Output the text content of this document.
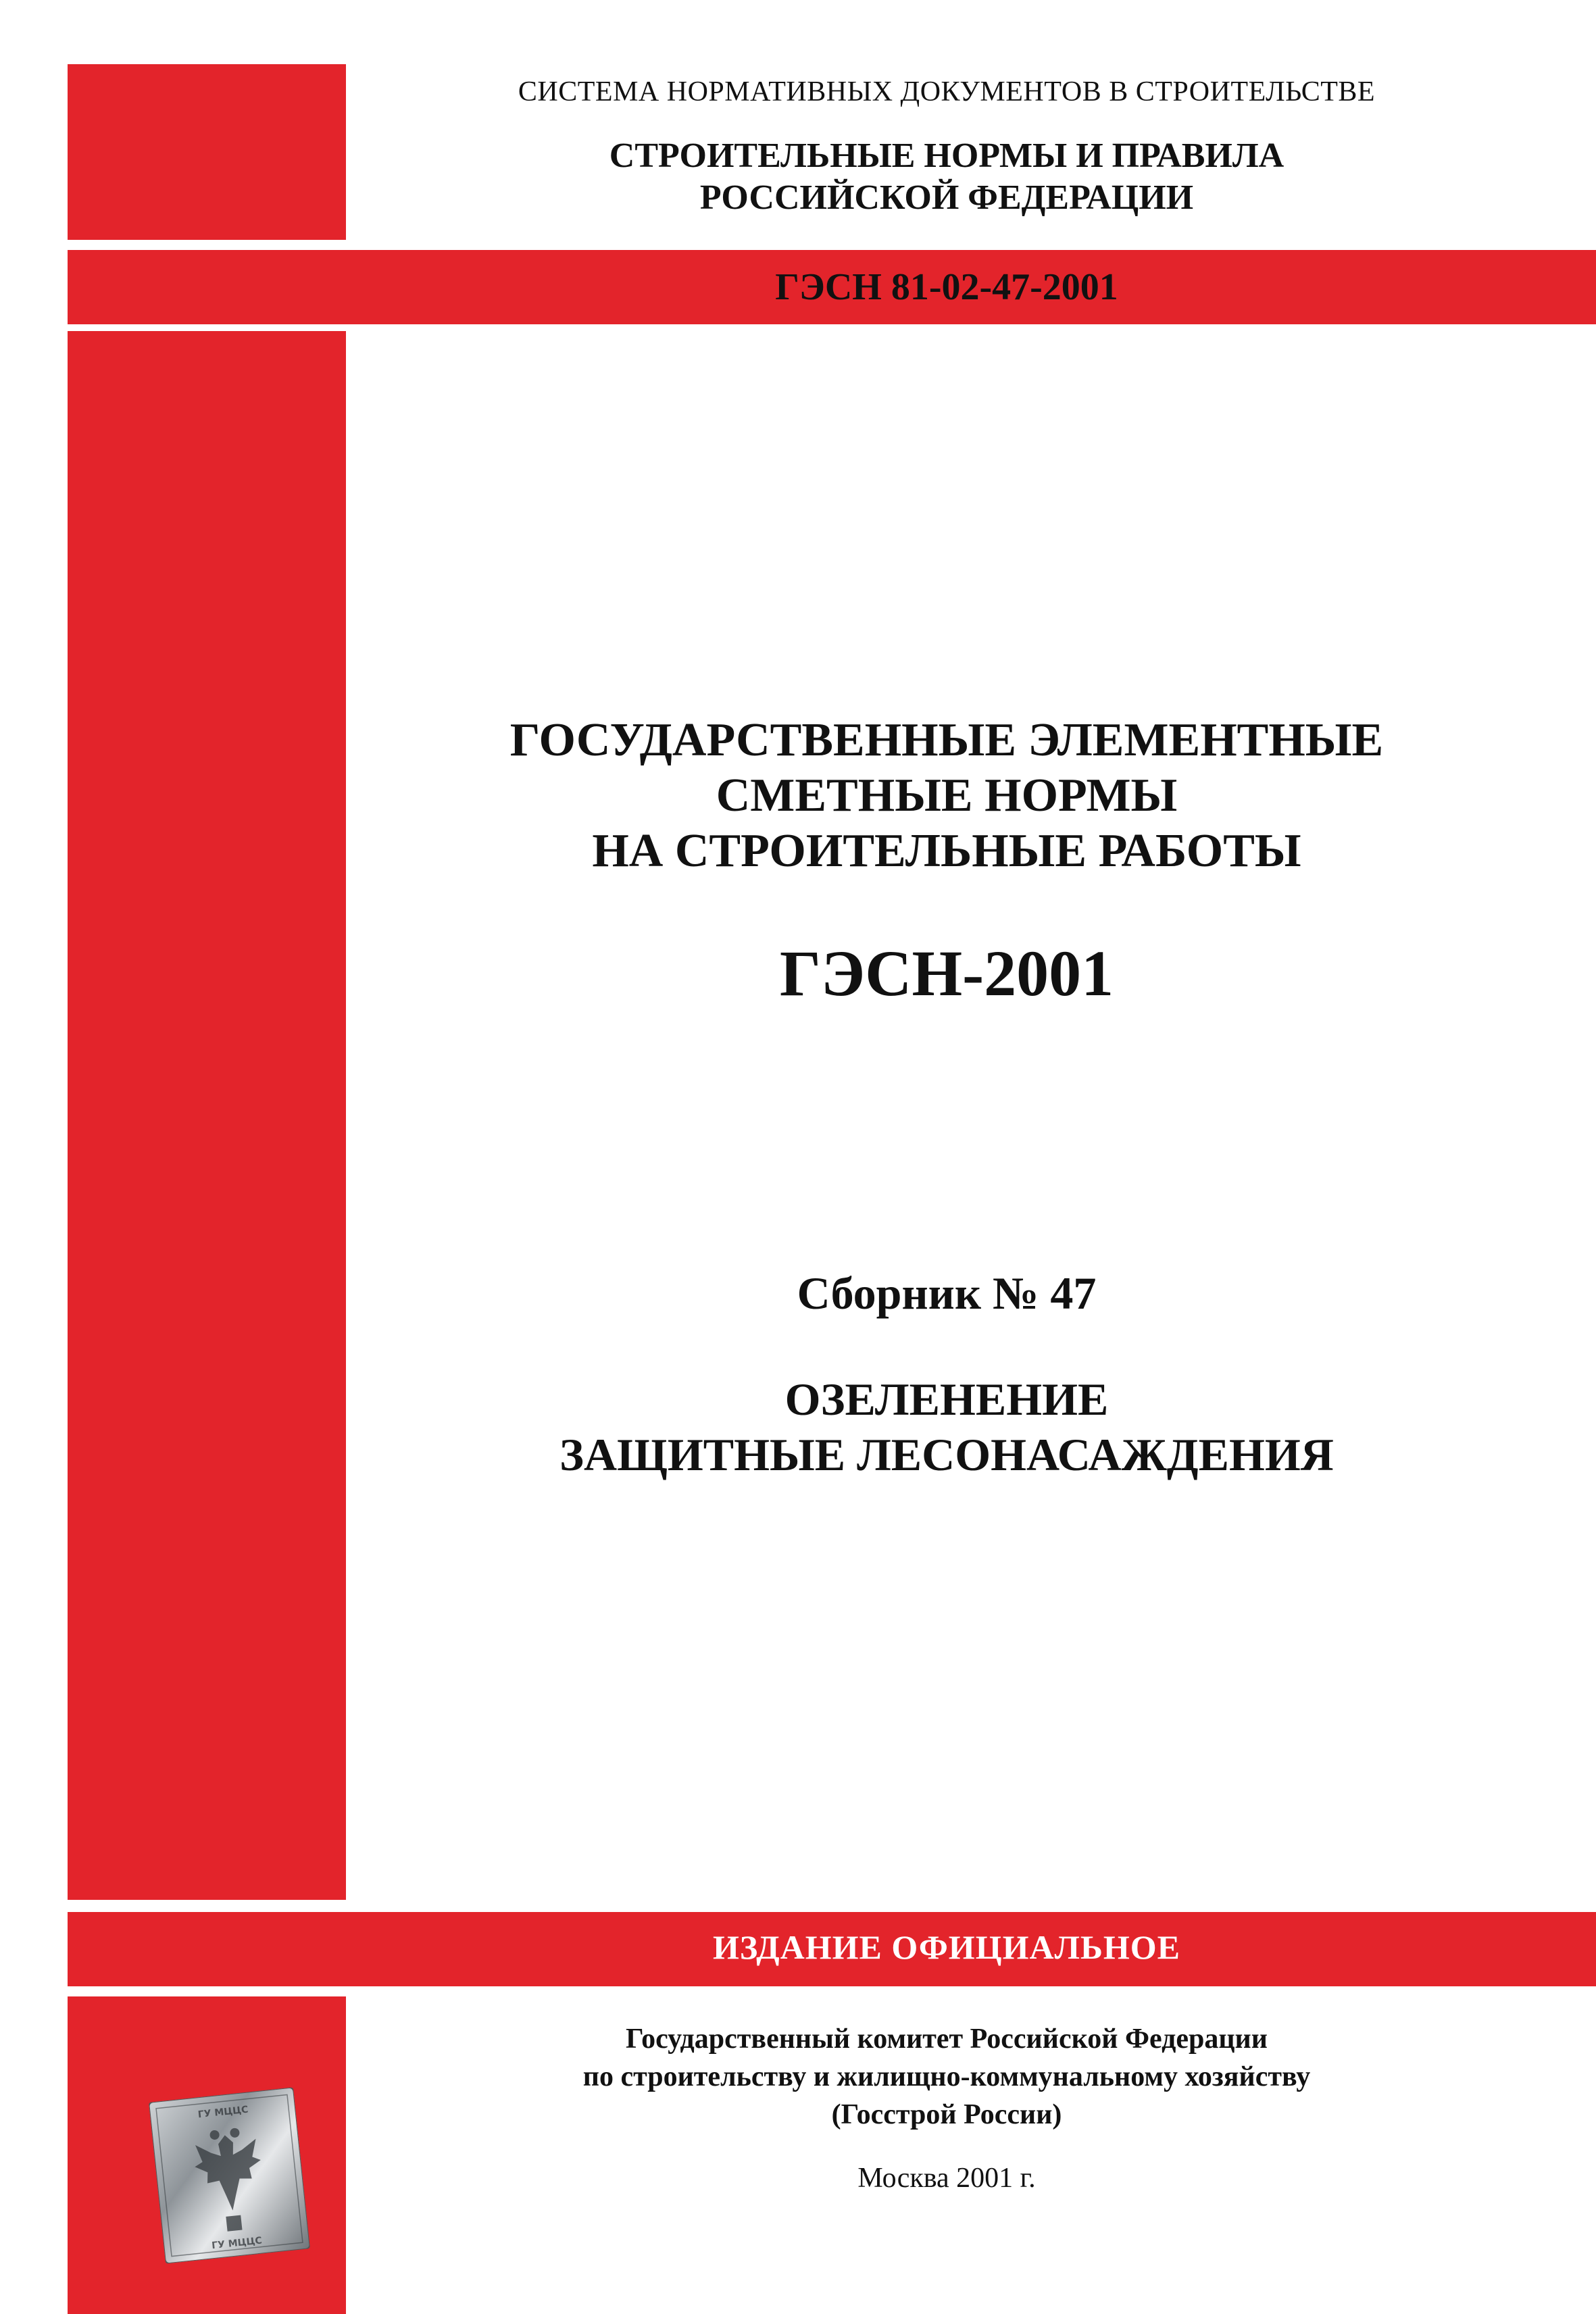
СИСТЕМА НОРМАТИВНЫХ ДОКУМЕНТОВ В СТРОИТЕЛЬСТВЕ
СТРОИТЕЛЬНЫЕ НОРМЫ И ПРАВИЛА
РОССИЙСКОЙ ФЕДЕРАЦИИ
ГЭСН 81-02-47-2001
ГОСУДАРСТВЕННЫЕ ЭЛЕМЕНТНЫЕ
СМЕТНЫЕ НОРМЫ
НА СТРОИТЕЛЬНЫЕ РАБОТЫ
ГЭСН-2001
Сборник № 47
ОЗЕЛЕНЕНИЕ
ЗАЩИТНЫЕ ЛЕСОНАСАЖДЕНИЯ
ИЗДАНИЕ ОФИЦИАЛЬНОЕ
Государственный комитет Российской Федерации
по строительству и жилищно-коммунальному хозяйству
(Госстрой России)
Москва 2001 г.
ГУ МЦЦС
ГУ МЦЦС
